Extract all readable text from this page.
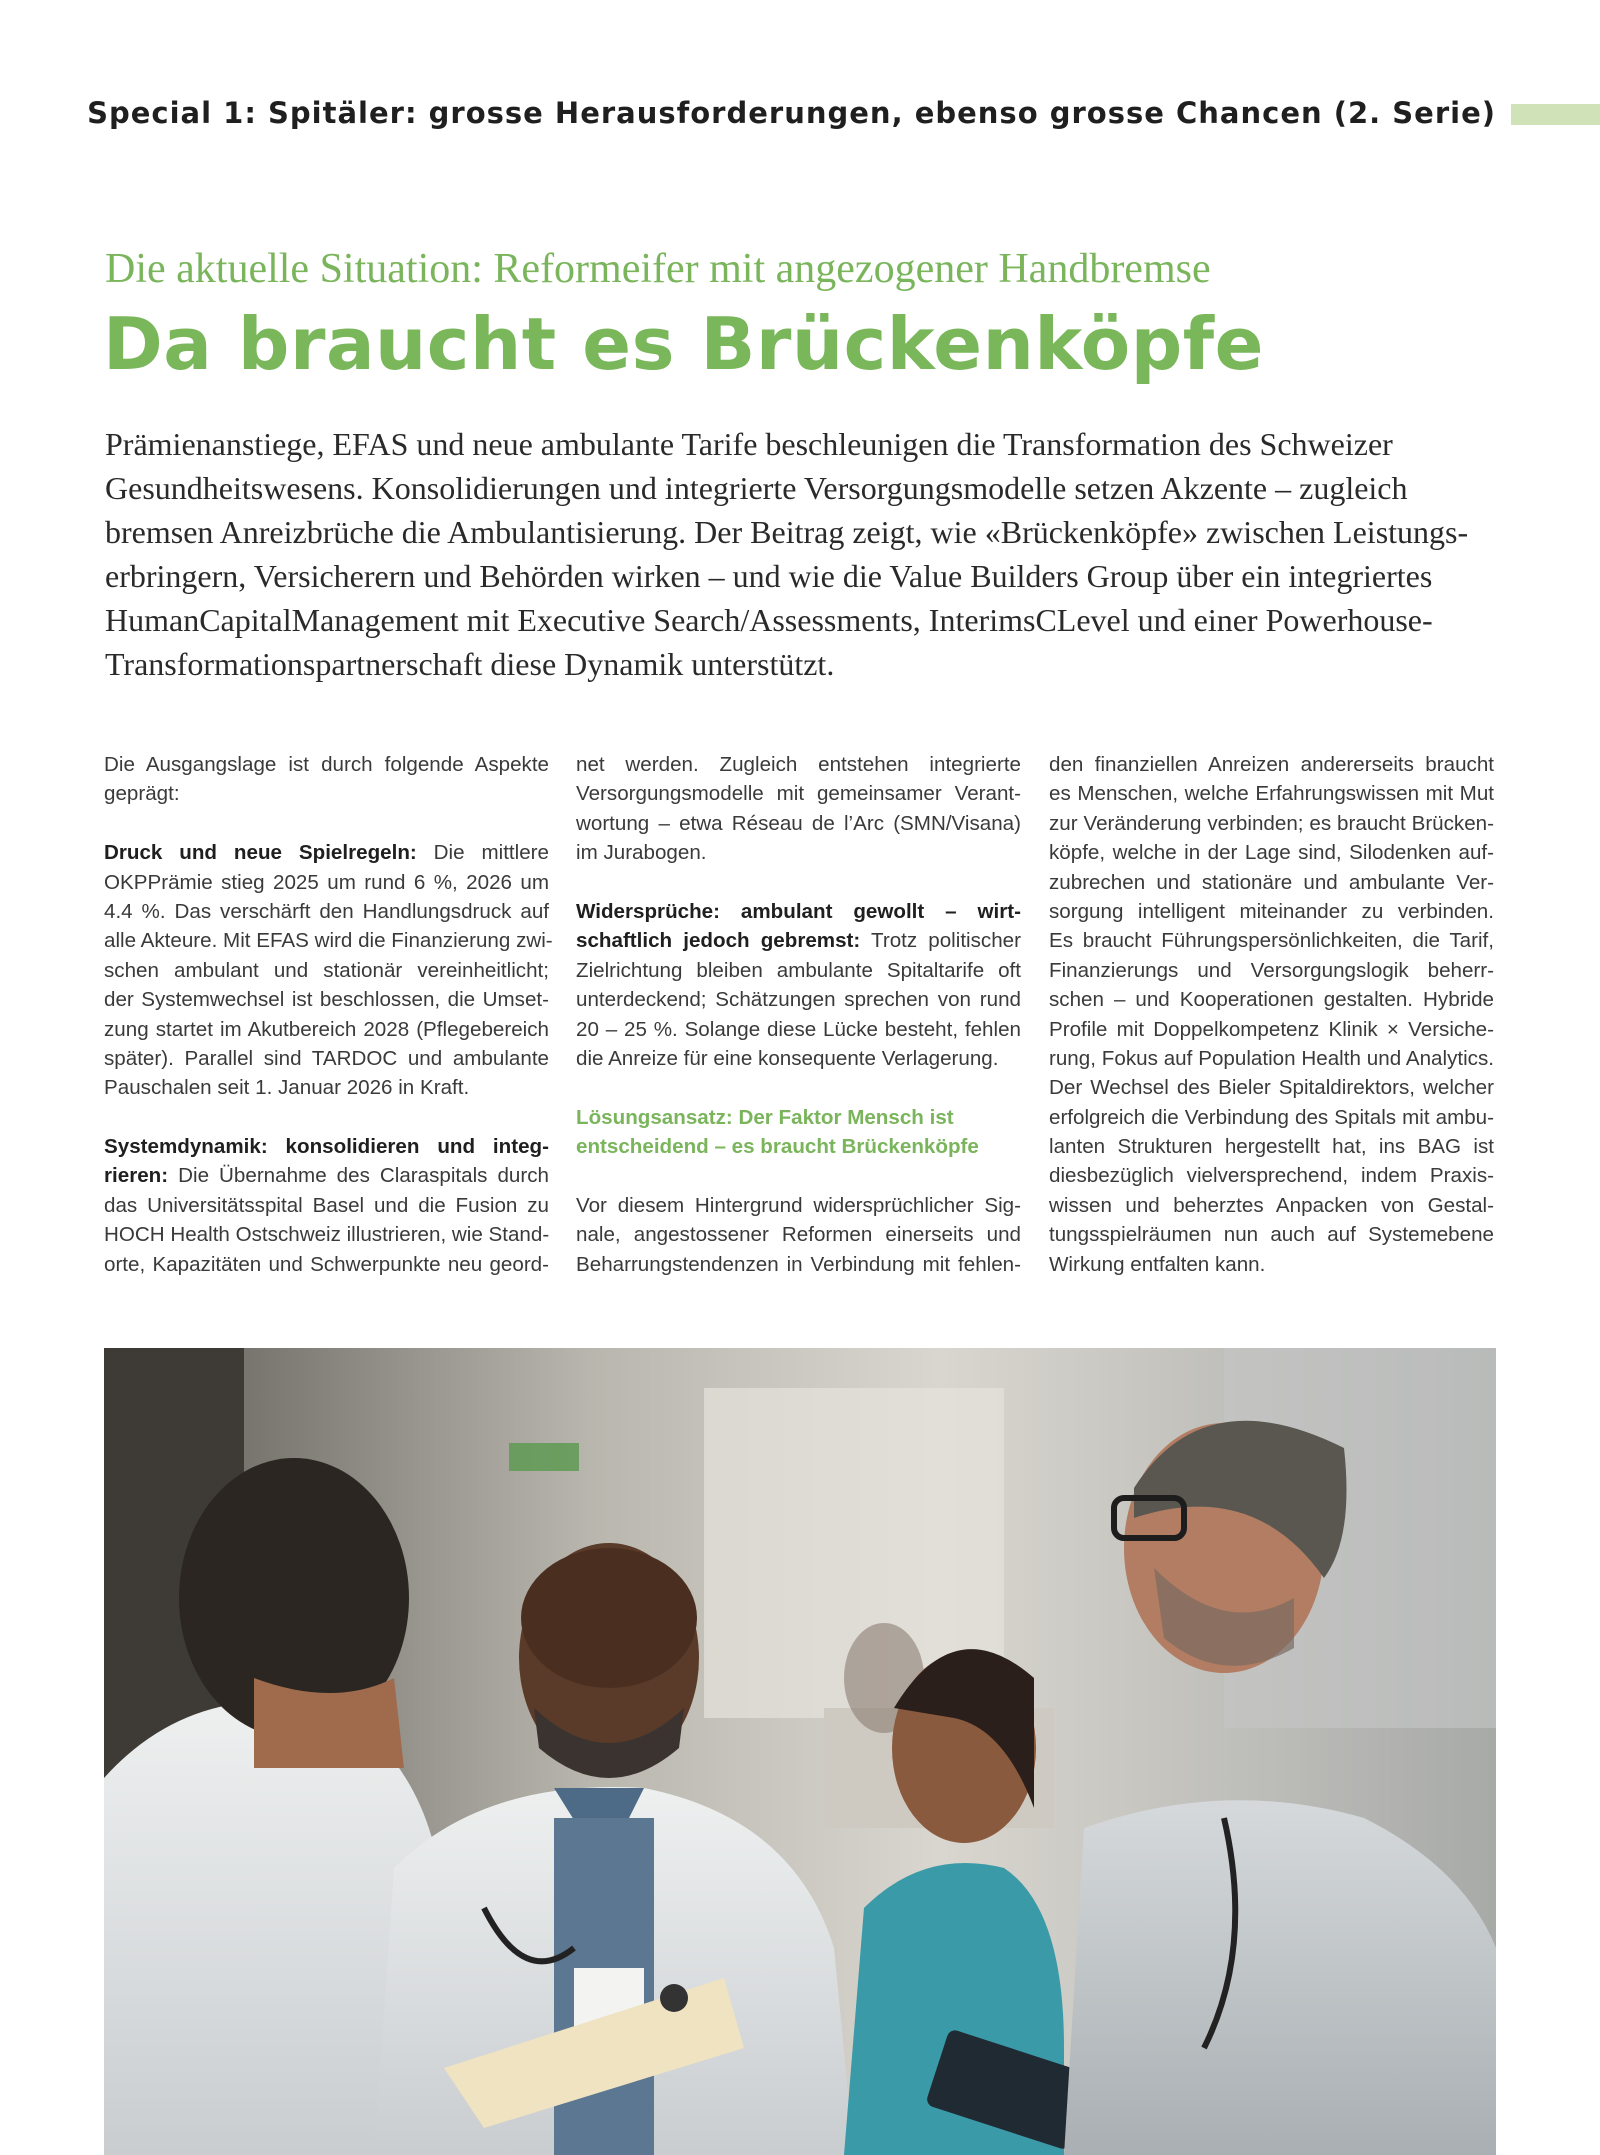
Special 1: Spitäler: grosse Herausforderungen, ebenso grosse Chancen (2. Serie)
Die aktuelle Situation: Reformeifer mit angezogener Handbremse
Da braucht es Brückenköpfe

Prämienanstiege, EFAS und neue ambulante Tarife beschleunigen die Transformation des Schweizer
Gesundheitswesens. Konsolidierungen und integrierte Versorgungsmodelle setzen Akzente – zugleich
bremsen Anreizbrüche die Ambulantisierung. Der Beitrag zeigt, wie «Brückenköpfe» zwischen Leistungs-
erbringern, Versicherern und Behörden wirken – und wie die Value Builders Group über ein integriertes
HumanCapitalManagement mit Executive Search/Assessments, InterimsCLevel und einer Powerhouse-
Transformationspartnerschaft diese Dynamik unterstützt.

Die Ausgangslage ist durch folgende Aspekte
geprägt:
Druck und neue Spielregeln: Die mittlere
OKPPrämie stieg 2025 um rund 6 %, 2026 um
4.4 %. Das verschärft den Handlungsdruck auf
alle Akteure. Mit EFAS wird die Finanzierung zwi-
schen ambulant und stationär vereinheitlicht;
der Systemwechsel ist beschlossen, die Umset-
zung startet im Akutbereich 2028 (Pflegebereich
später). Parallel sind TARDOC und ambulante
Pauschalen seit 1. Januar 2026 in Kraft.
Systemdynamik: konsolidieren und integ-
rieren: Die Übernahme des Claraspitals durch
das Universitätsspital Basel und die Fusion zu
HOCH Health Ostschweiz illustrieren, wie Stand-
orte, Kapazitäten und Schwerpunkte neu geord-
net werden. Zugleich entstehen integrierte
Versorgungsmodelle mit gemeinsamer Verant-
wortung – etwa Réseau de l’Arc (SMN/Visana)
im Jurabogen.
Widersprüche: ambulant gewollt – wirt-
schaftlich jedoch gebremst: Trotz politischer
Zielrichtung bleiben ambulante Spitaltarife oft
unterdeckend; Schätzungen sprechen von rund
20 – 25 %. Solange diese Lücke besteht, fehlen
die Anreize für eine konsequente Verlagerung.
Lösungsansatz: Der Faktor Mensch ist
entscheidend – es braucht Brückenköpfe
Vor diesem Hintergrund widersprüchlicher Sig-
nale, angestossener Reformen einerseits und
Beharrungstendenzen in Verbindung mit fehlen-
den finanziellen Anreizen andererseits braucht
es Menschen, welche Erfahrungswissen mit Mut
zur Veränderung verbinden; es braucht Brücken-
köpfe, welche in der Lage sind, Silodenken auf-
zubrechen und stationäre und ambulante Ver-
sorgung intelligent miteinander zu verbinden.
Es braucht Führungspersönlichkeiten, die Tarif,
Finanzierungs und Versorgungslogik beherr-
schen – und Kooperationen gestalten. Hybride
Profile mit Doppelkompetenz Klinik × Versiche-
rung, Fokus auf Population Health und Analytics.
Der Wechsel des Bieler Spitaldirektors, welcher
erfolgreich die Verbindung des Spitals mit ambu-
lanten Strukturen hergestellt hat, ins BAG ist
diesbezüglich vielversprechend, indem Praxis-
wissen und beherztes Anpacken von Gestal-
tungsspielräumen nun auch auf Systemebene
Wirkung entfalten kann.
